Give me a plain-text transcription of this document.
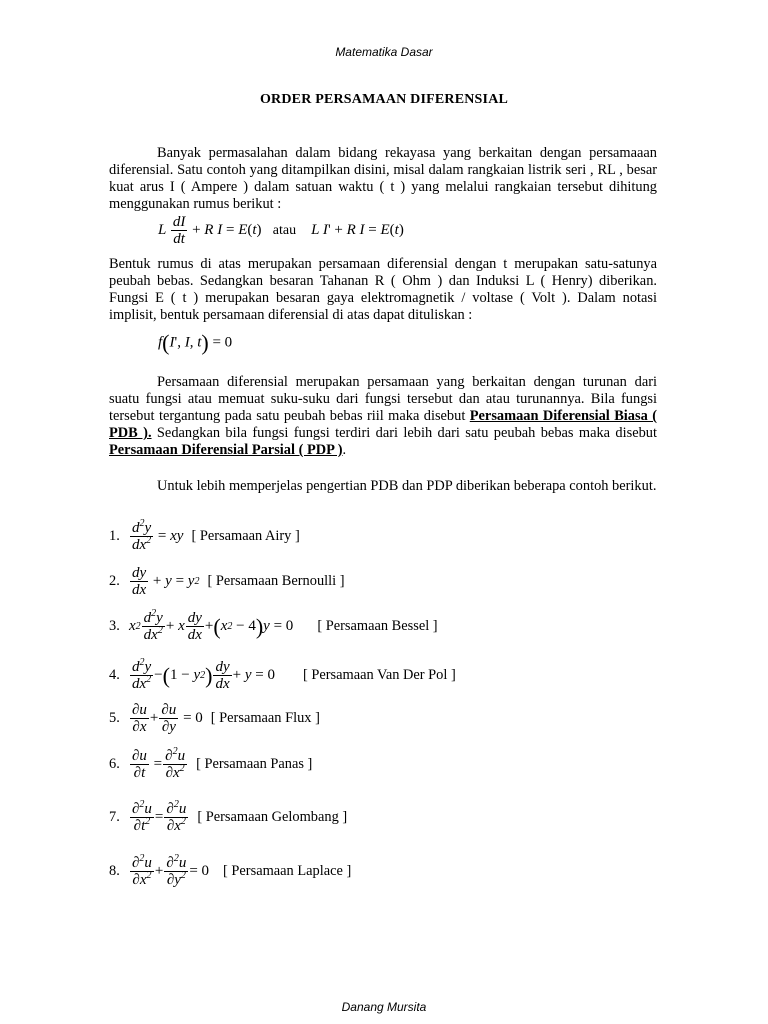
Matematika Dasar
ORDER PERSAMAAN DIFERENSIAL

Banyak permasalahan dalam bidang rekayasa yang berkaitan dengan persamaaan diferensial. Satu contoh yang ditampilkan disini, misal dalam rangkaian listrik seri , RL , besar kuat arus I ( Ampere ) dalam satuan waktu ( t ) yang melalui rangkaian tersebut dihitung menggunakan rumus berikut :

L $\frac{dI}{dt} + R$ I = E(t) atau    L I' + R I = E(t)

Bentuk rumus di atas merupakan persamaan diferensial dengan t merupakan satu-satunya peubah bebas. Sedangkan besaran Tahanan R ( Ohm ) dan Induksi L ( Henry) diberikan. Fungsi E ( t ) merupakan besaran gaya elektromagnetik / voltase ( Volt ). Dalam notasi implisit, bentuk persamaan diferensial di atas dapat dituliskan :

f(I', I, t) = 0

Persamaan diferensial merupakan persamaan yang berkaitan dengan turunan dari suatu fungsi atau memuat suku-suku dari fungsi tersebut dan atau turunannya. Bila fungsi tersebut tergantung pada satu peubah bebas riil maka disebut Persamaan Diferensial Biasa ( PDB ). Sedangkan bila fungsi fungsi terdiri dari lebih dari satu peubah bebas maka disebut Persamaan Diferensial Parsial ( PDP ).

Untuk lebih memperjelas pengertian PDB dan PDP diberikan beberapa contoh berikut.

1. $\frac{d^2y}{dx^2}$
= xy [ Persamaan Airy ]
2. $\frac{dy}{dx}$
+ y = y 2 [ Persamaan Bernoulli ]
3. x $2 \frac{d^2y}{dx^2} + x \frac{dy}{dx}$ + ( x 2
− 4 ) y = 0 [ Persamaan Bessel ]
4. $\frac{d^2y}{dx^2}$ − ( 1 − y 2 ) $\frac{dy}{dx} + y = 0$ [ Persamaan Van Der Pol ]
5. $\frac{\partial u}{\partial x} + \frac{\partial u}{\partial y}$
= 0 [ Persamaan Flux ]
6. $\frac{\partial u}{\partial t}$
= $\frac{\partial^2u}{\partial x^2}$ [ Persamaan Panas ]
7. $\frac{\partial^2u}{\partial t^2} = \frac{\partial^2u}{\partial x^2}$ [ Persamaan Gelombang ]
8. $\frac{\partial^2u}{\partial x^2} + \frac{\partial^2u}{\partial y^2} = 0$ [ Persamaan Laplace ]
Danang Mursita
